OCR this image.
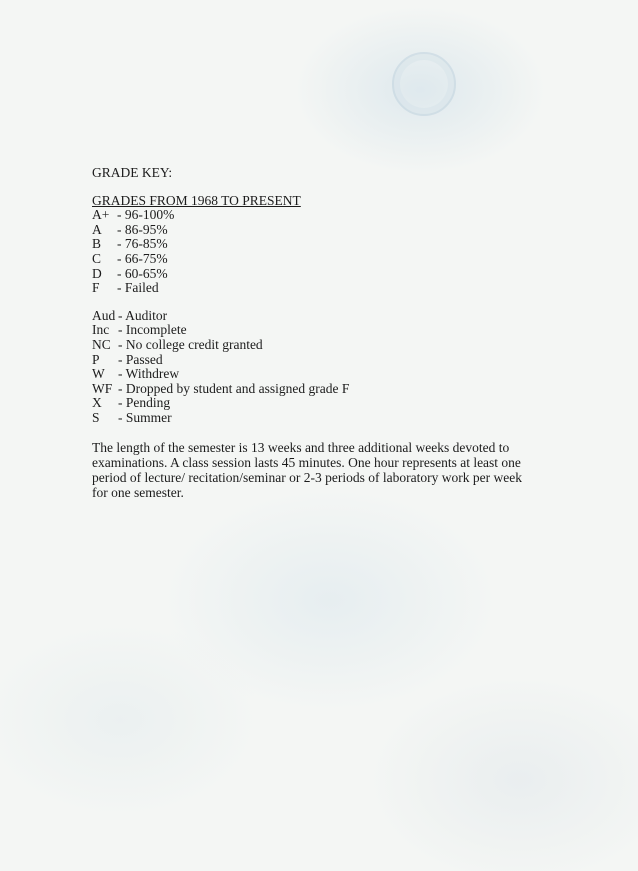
GRADE KEY:
GRADES FROM 1968 TO PRESENT
A+ - 96-100%
A	- 86-95%
B	- 76-85%
C	- 66-75%
D	- 60-65%
F	- Failed
Aud - Auditor
Inc - Incomplete
NC - No college credit granted
P	- Passed
W - Withdrew
WF - Dropped by student and assigned grade F
X	- Pending
S	- Summer
The length of the semester is 13 weeks and three additional weeks devoted to examinations. A class session lasts 45 minutes. One hour represents at least one period of lecture/ recitation/seminar or 2-3 periods of laboratory work per week for one semester.
